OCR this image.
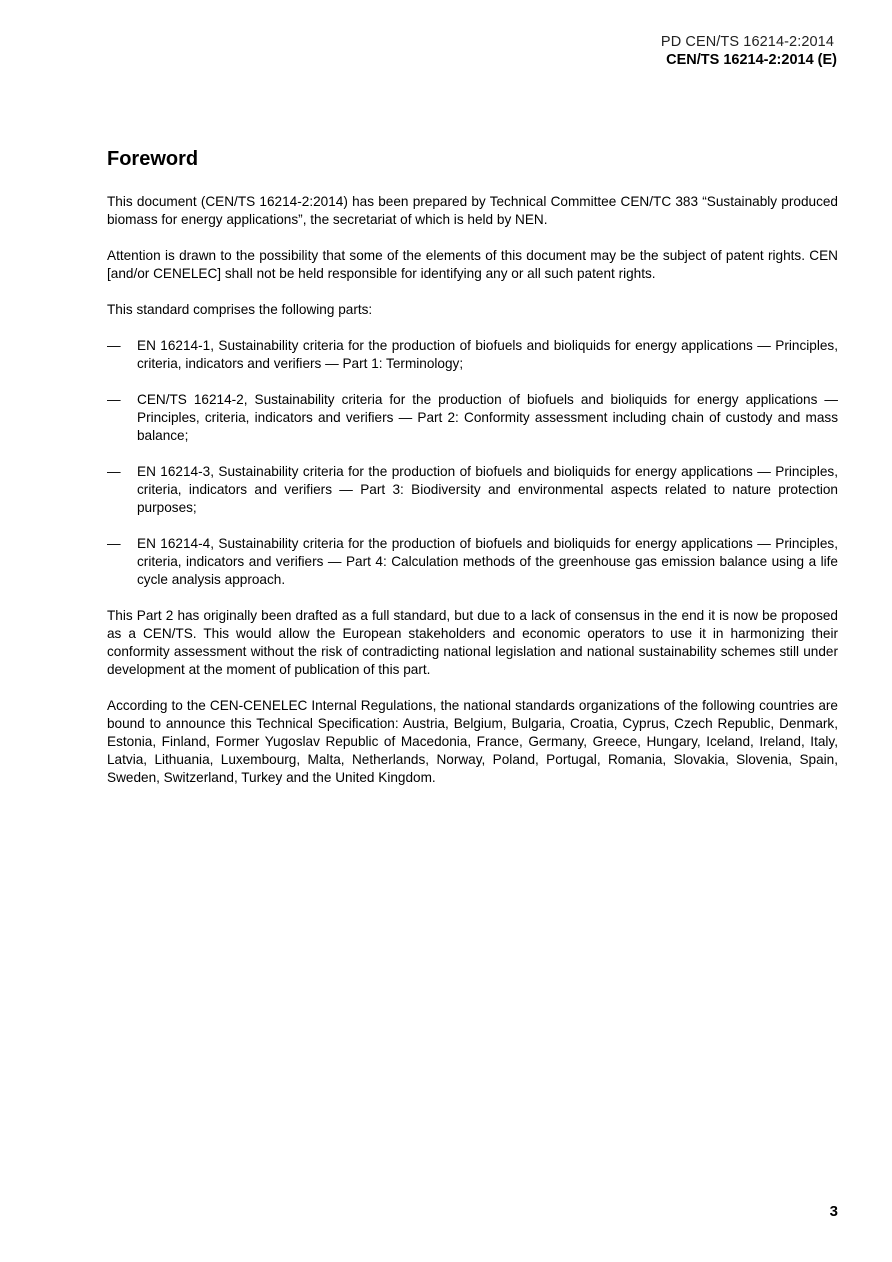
PD CEN/TS 16214-2:2014
CEN/TS 16214-2:2014 (E)
Foreword

This document (CEN/TS 16214-2:2014) has been prepared by Technical Committee CEN/TC 383 “Sustainably produced biomass for energy applications”, the secretariat of which is held by NEN.

Attention is drawn to the possibility that some of the elements of this document may be the subject of patent rights. CEN [and/or CENELEC] shall not be held responsible for identifying any or all such patent rights.

This standard comprises the following parts:

— EN 16214-1, Sustainability criteria for the production of biofuels and bioliquids for energy applications — Principles, criteria, indicators and verifiers — Part 1: Terminology;
— CEN/TS 16214-2, Sustainability criteria for the production of biofuels and bioliquids for energy applications — Principles, criteria, indicators and verifiers — Part 2: Conformity assessment including chain of custody and mass balance;
— EN 16214-3, Sustainability criteria for the production of biofuels and bioliquids for energy applications — Principles, criteria, indicators and verifiers — Part 3: Biodiversity and environmental aspects related to nature protection purposes;
— EN 16214-4, Sustainability criteria for the production of biofuels and bioliquids for energy applications — Principles, criteria, indicators and verifiers — Part 4: Calculation methods of the greenhouse gas emission balance using a life cycle analysis approach.

This Part 2 has originally been drafted as a full standard, but due to a lack of consensus in the end it is now be proposed as a CEN/TS. This would allow the European stakeholders and economic operators to use it in harmonizing their conformity assessment without the risk of contradicting national legislation and national sustainability schemes still under development at the moment of publication of this part.

According to the CEN-CENELEC Internal Regulations, the national standards organizations of the following countries are bound to announce this Technical Specification: Austria, Belgium, Bulgaria, Croatia, Cyprus, Czech Republic, Denmark, Estonia, Finland, Former Yugoslav Republic of Macedonia, France, Germany, Greece, Hungary, Iceland, Ireland, Italy, Latvia, Lithuania, Luxembourg, Malta, Netherlands, Norway, Poland, Portugal, Romania, Slovakia, Slovenia, Spain, Sweden, Switzerland, Turkey and the United Kingdom.

3
